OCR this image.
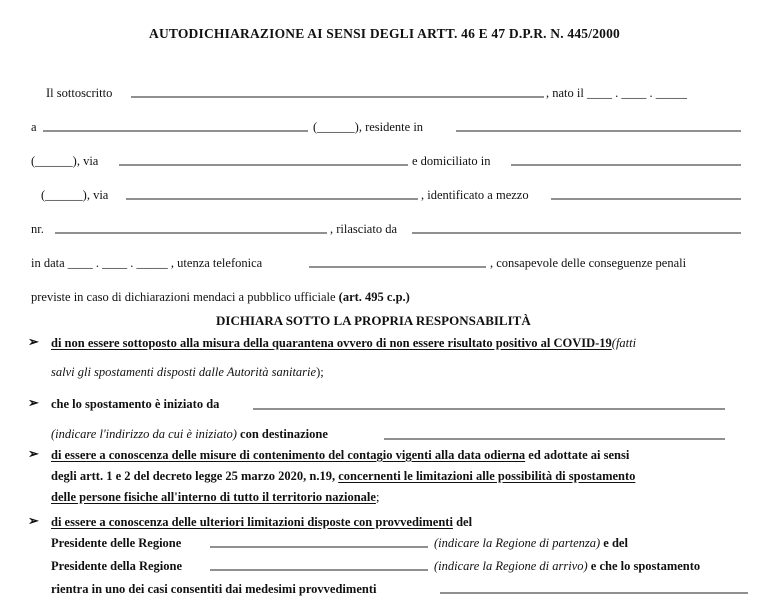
AUTODICHIARAZIONE AI SENSI DEGLI ARTT. 46 E 47 D.P.R. N. 445/2000
Il sottoscritto	, nato il ____ . ____ . _____
a	(______), residente in
(______), via	e domiciliato in
(______), via	, identificato a mezzo
nr.	, rilasciato da
in data ____ . ____ . _____ , utenza telefonica	, consapevole delle conseguenze penali
previste in caso di dichiarazioni mendaci a pubblico ufficiale (art. 495 c.p.)
DICHIARA SOTTO LA PROPRIA RESPONSABILITÀ
➢ di non essere sottoposto alla misura della quarantena ovvero di non essere risultato positivo al COVID-19(fatti
salvi gli spostamenti disposti dalle Autorità sanitarie);
➢ che lo spostamento è iniziato da
(indicare l'indirizzo da cui è iniziato) con destinazione
➢ di essere a conoscenza delle misure di contenimento del contagio vigenti alla data odierna ed adottate ai sensi
degli artt. 1 e 2 del decreto legge 25 marzo 2020, n.19, concernenti le limitazioni alle possibilità di spostamento
delle persone fisiche all'interno di tutto il territorio nazionale;
➢ di essere a conoscenza delle ulteriori limitazioni disposte con provvedimenti del
Presidente delle Regione	(indicare la Regione di partenza) e del
Presidente della Regione	(indicare la Regione di arrivo) e che lo spostamento
rientra in uno dei casi consentiti dai medesimi provvedimenti
